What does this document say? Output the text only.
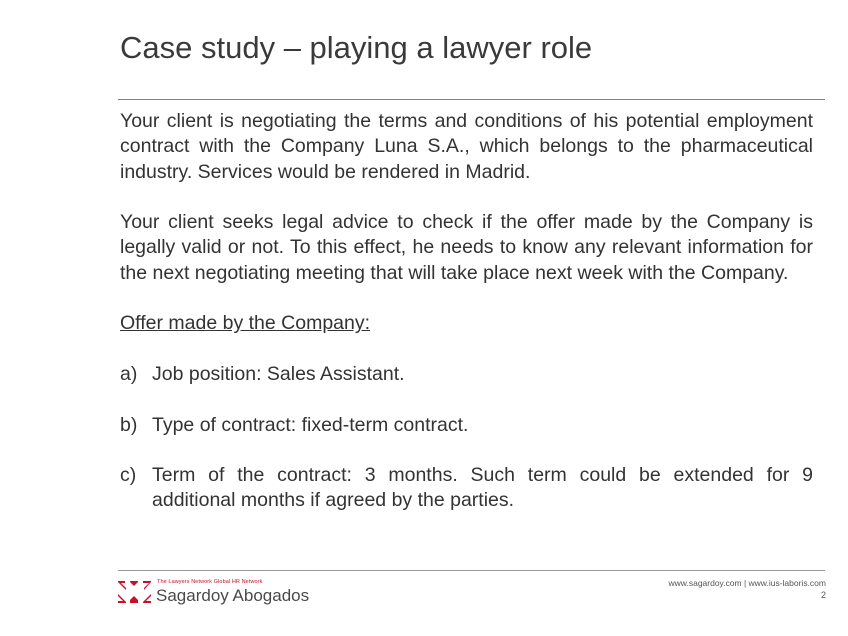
Case study – playing a lawyer role

Your client is negotiating the terms and conditions of his potential employment contract with the Company Luna S.A., which belongs to the pharmaceutical industry. Services would be rendered in Madrid.

Your client seeks legal advice to check if the offer made by the Company is legally valid or not. To this effect, he needs to know any relevant information for the next negotiating meeting that will take place next week with the Company.

Offer made by the Company:

a) Job position: Sales Assistant.
b) Type of contract: fixed-term contract.
c) Term of the contract: 3 months. Such term could be extended for 9 additional months if agreed by the parties.
The Lawyers Network Global HR Network
Sagardoy Abogados
www.sagardoy.com | www.ius-laboris.com
2
